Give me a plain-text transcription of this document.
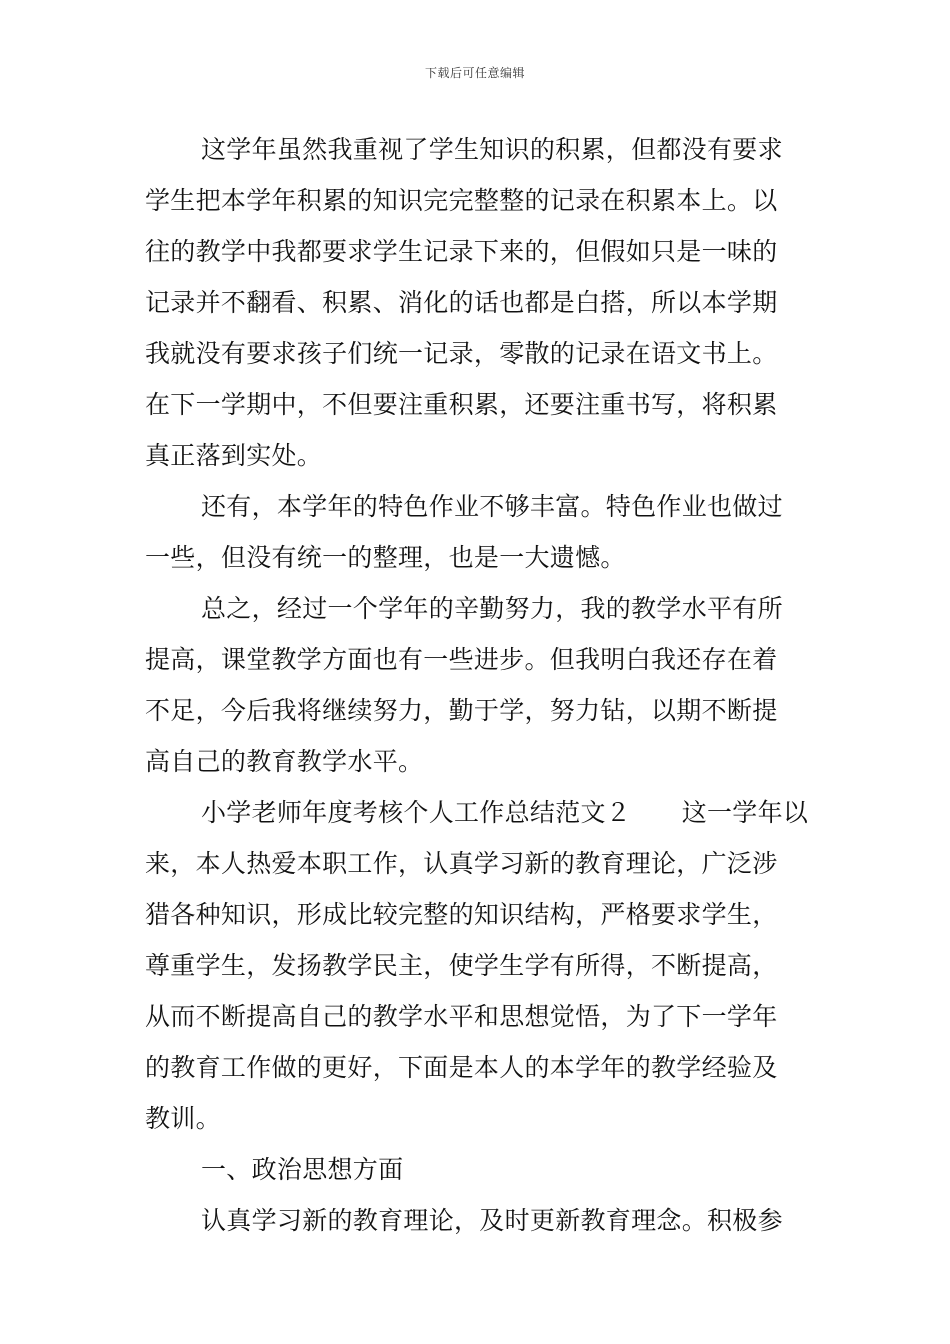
下载后可任意编辑
这学年虽然我重视了学生知识的积累，但都没有要求
学生把本学年积累的知识完完整整的记录在积累本上。以
往的教学中我都要求学生记录下来的，但假如只是一味的
记录并不翻看、积累、消化的话也都是白搭，所以本学期
我就没有要求孩子们统一记录，零散的记录在语文书上。
在下一学期中，不但要注重积累，还要注重书写，将积累
真正落到实处。
还有，本学年的特色作业不够丰富。特色作业也做过
一些，但没有统一的整理，也是一大遗憾。
总之，经过一个学年的辛勤努力，我的教学水平有所
提高，课堂教学方面也有一些进步。但我明白我还存在着
不足，今后我将继续努力，勤于学，努力钻，以期不断提
高自己的教育教学水平。
小学老师年度考核个人工作总结范文２　　这一学年以
来，本人热爱本职工作，认真学习新的教育理论，广泛涉
猎各种知识，形成比较完整的知识结构，严格要求学生，
尊重学生，发扬教学民主，使学生学有所得，不断提高，
从而不断提高自己的教学水平和思想觉悟，为了下一学年
的教育工作做的更好，下面是本人的本学年的教学经验及
教训。
一、政治思想方面
认真学习新的教育理论，及时更新教育理念。积极参
